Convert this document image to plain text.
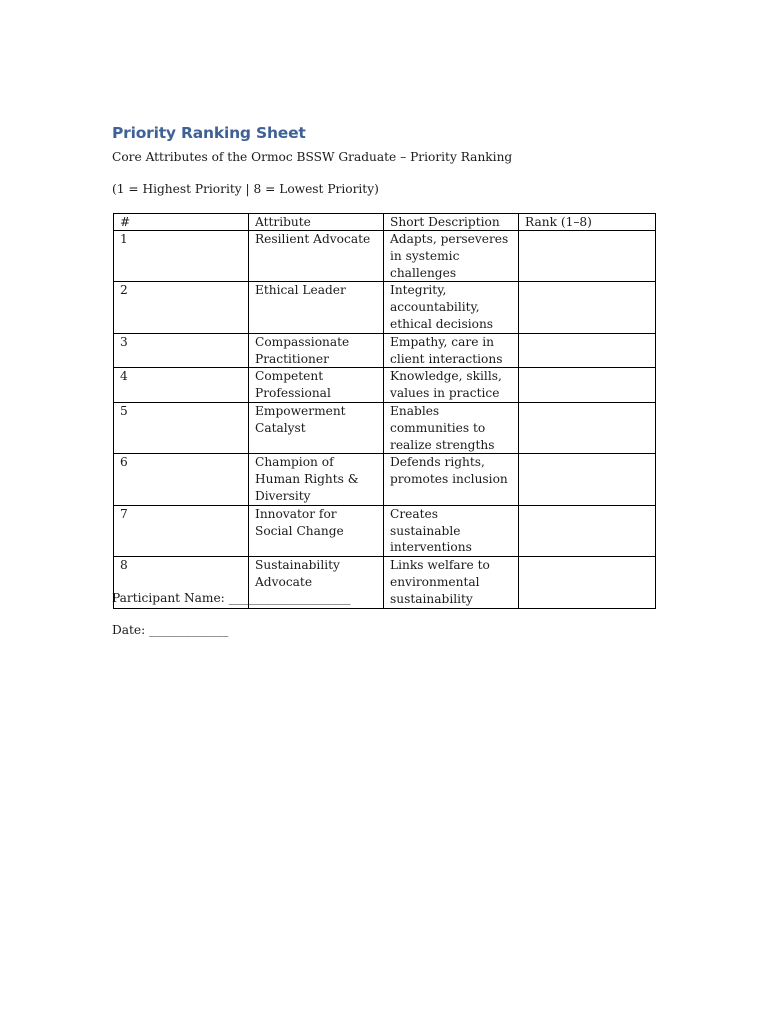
Priority Ranking Sheet

Core Attributes of the Ormoc BSSW Graduate – Priority Ranking

(1 = Highest Priority | 8 = Lowest Priority)

#	Attribute	Short Description	Rank (1–8)
1	Resilient Advocate	Adapts, perseveres in systemic challenges	
2	Ethical Leader	Integrity, accountability, ethical decisions	
3	Compassionate Practitioner	Empathy, care in client interactions	
4	Competent Professional	Knowledge, skills, values in practice	
5	Empowerment Catalyst	Enables communities to realize strengths	
6	Champion of Human Rights & Diversity	Defends rights, promotes inclusion	
7	Innovator for Social Change	Creates sustainable interventions	
8	Sustainability Advocate	Links welfare to environmental sustainability	

Participant Name: ____________________

Date: _____________
